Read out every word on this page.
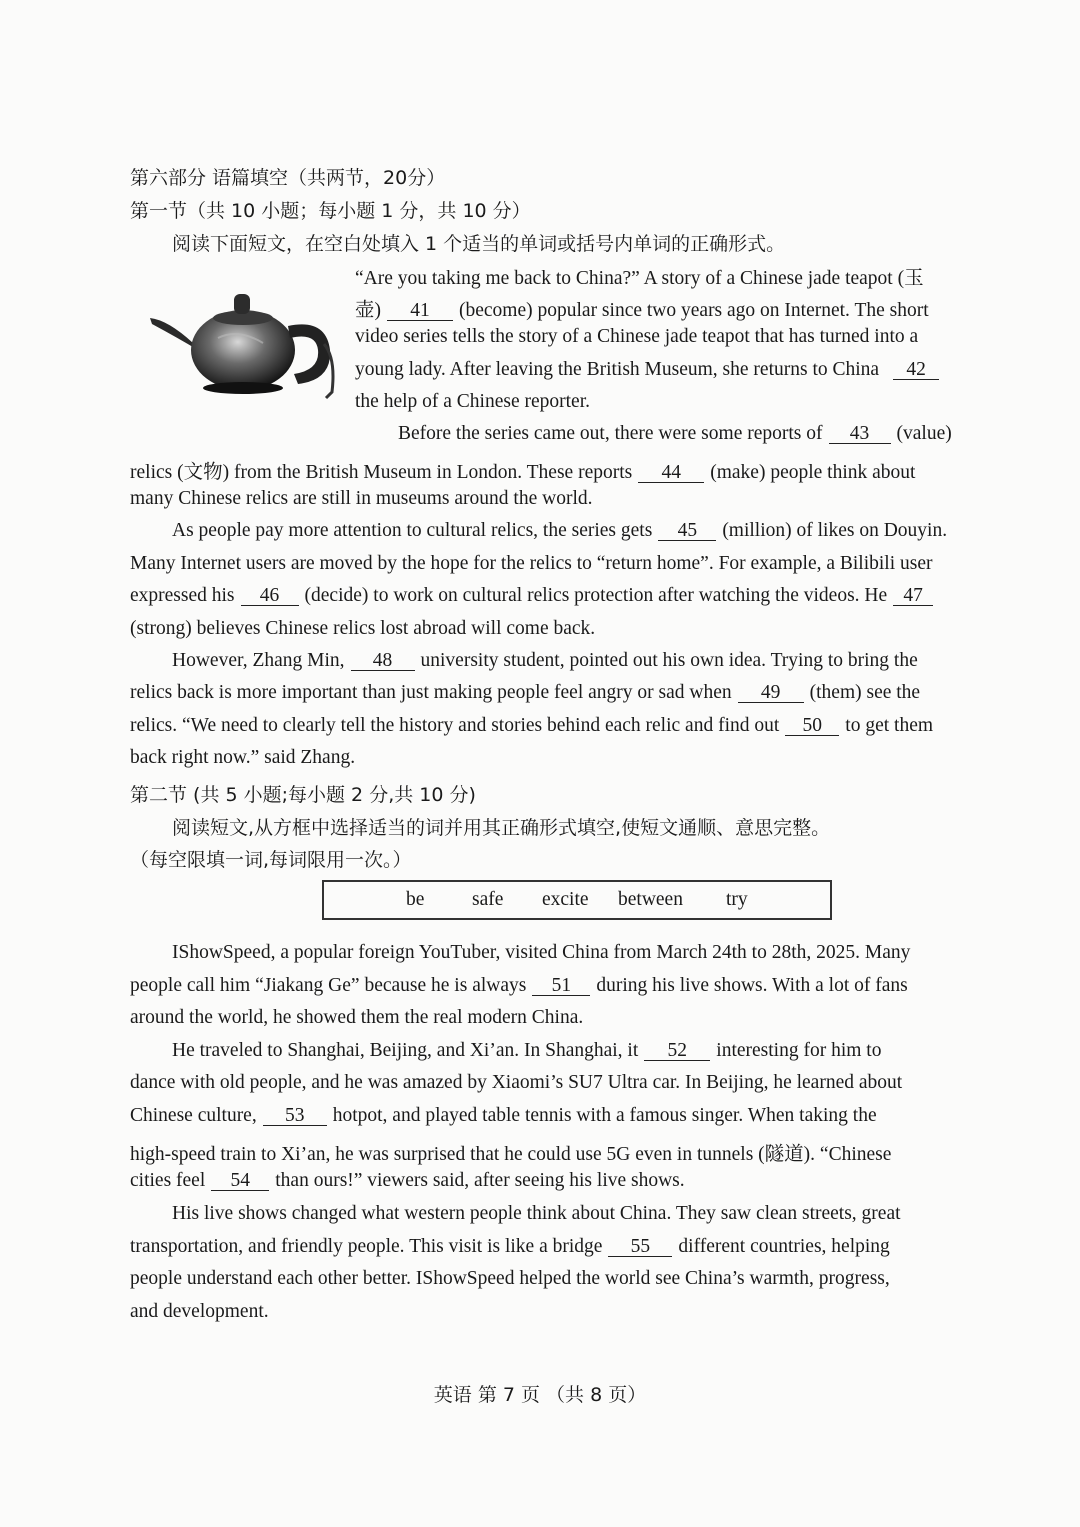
第六部分 语篇填空（共两节，20分）
第一节（共 10 小题；每小题 1 分，共 10 分）
阅读下面短文，在空白处填入 1 个适当的单词或括号内单词的正确形式。
“Are you taking me back to China?” A story of a Chinese jade teapot (玉
壶) 41 (become) popular since two years ago on Internet. The short
video series tells the story of a Chinese jade teapot that has turned into a
young lady. After leaving the British Museum, she returns to China 42
the help of a Chinese reporter.
Before the series came out, there were some reports of 43 (value)
relics (文物) from the British Museum in London. These reports 44 (make) people think about
many Chinese relics are still in museums around the world.
As people pay more attention to cultural relics, the series gets 45 (million) of likes on Douyin.
Many Internet users are moved by the hope for the relics to “return home”. For example, a Bilibili user
expressed his 46 (decide) to work on cultural relics protection after watching the videos. He 47
(strong) believes Chinese relics lost abroad will come back.
However, Zhang Min, 48 university student, pointed out his own idea. Trying to bring the
relics back is more important than just making people feel angry or sad when 49 (them) see the
relics. “We need to clearly tell the history and stories behind each relic and find out 50 to get them
back right now.” said Zhang.
第二节 (共 5 小题;每小题 2 分,共 10 分)
阅读短文,从方框中选择适当的词并用其正确形式填空,使短文通顺、意思完整。
（每空限填一词,每词限用一次。）
be safe excite between try
IShowSpeed, a popular foreign YouTuber, visited China from March 24th to 28th, 2025. Many
people call him “Jiakang Ge” because he is always 51 during his live shows. With a lot of fans
around the world, he showed them the real modern China.
He traveled to Shanghai, Beijing, and Xi’an. In Shanghai, it 52 interesting for him to
dance with old people, and he was amazed by Xiaomi’s SU7 Ultra car. In Beijing, he learned about
Chinese culture, 53 hotpot, and played table tennis with a famous singer. When taking the
high-speed train to Xi’an, he was surprised that he could use 5G even in tunnels (隧道). “Chinese
cities feel 54 than ours!” viewers said, after seeing his live shows.
His live shows changed what western people think about China. They saw clean streets, great
transportation, and friendly people. This visit is like a bridge 55 different countries, helping
people understand each other better. IShowSpeed helped the world see China’s warmth, progress,
and development.
英语 第 7 页 （共 8 页）
